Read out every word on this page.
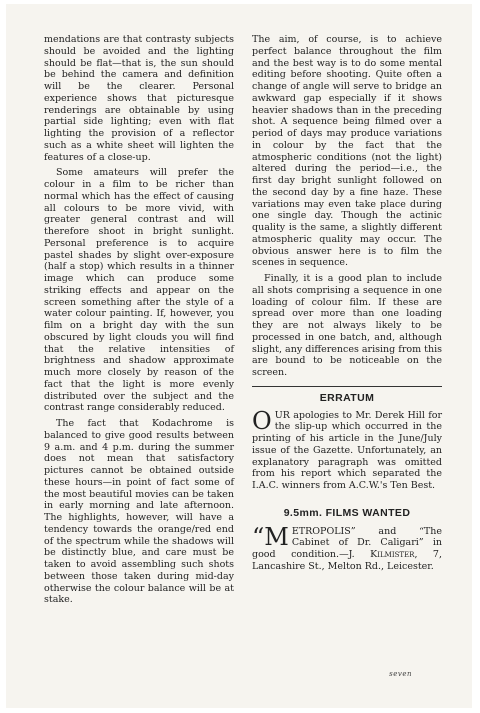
mendations are that contrasty subjects should be avoided and the lighting should be flat—that is, the sun should be behind the camera and definition will be the clearer. Personal experience shows that picturesque renderings are obtainable by using partial side lighting; even with flat lighting the provision of a reflector such as a white sheet will lighten the features of a close-up.

Some amateurs will prefer the colour in a film to be richer than normal which has the effect of causing all colours to be more vivid, with greater general contrast and will therefore shoot in bright sunlight. Personal preference is to acquire pastel shades by slight over-exposure (half a stop) which results in a thinner image which can produce some striking effects and appear on the screen something after the style of a water colour painting. If, however, you film on a bright day with the sun obscured by light clouds you will find that the relative intensities of brightness and shadow approximate much more closely by reason of the fact that the light is more evenly distributed over the subject and the contrast range considerably reduced.

The fact that Kodachrome is balanced to give good results between 9 a.m. and 4 p.m. during the summer does not mean that satisfactory pictures cannot be obtained outside these hours—in point of fact some of the most beautiful movies can be taken in early morning and late afternoon. The highlights, however, will have a tendency towards the orange/red end of the spectrum while the shadows will be distinctly blue, and care must be taken to avoid assembling such shots between those taken during mid-day otherwise the colour balance will be at stake.

The aim, of course, is to achieve perfect balance throughout the film and the best way is to do some mental editing before shooting. Quite often a change of angle will serve to bridge an awkward gap especially if it shows heavier shadows than in the preceding shot. A sequence being filmed over a period of days may produce variations in colour by the fact that the atmospheric conditions (not the light) altered during the period—i.e., the first day bright sunlight followed on the second day by a fine haze. These variations may even take place during one single day. Though the actinic quality is the same, a slightly different atmospheric quality may occur. The obvious answer here is to film the scenes in sequence.

Finally, it is a good plan to include all shots comprising a sequence in one loading of colour film. If these are spread over more than one loading they are not always likely to be processed in one batch, and, although slight, any differences arising from this are bound to be noticeable on the screen.

ERRATUM

OUR apologies to Mr. Derek Hill for the slip-up which occurred in the printing of his article in the June/July issue of the Gazette. Unfortunately, an explanatory paragraph was omitted from his report which separated the I.A.C. winners from A.C.W.'s Ten Best.

9.5mm. FILMS WANTED

“METROPOLIS” and “The Cabinet of Dr. Caligari” in good condition.—J. Kilmister, 7, Lancashire St., Melton Rd., Leicester.

seven
